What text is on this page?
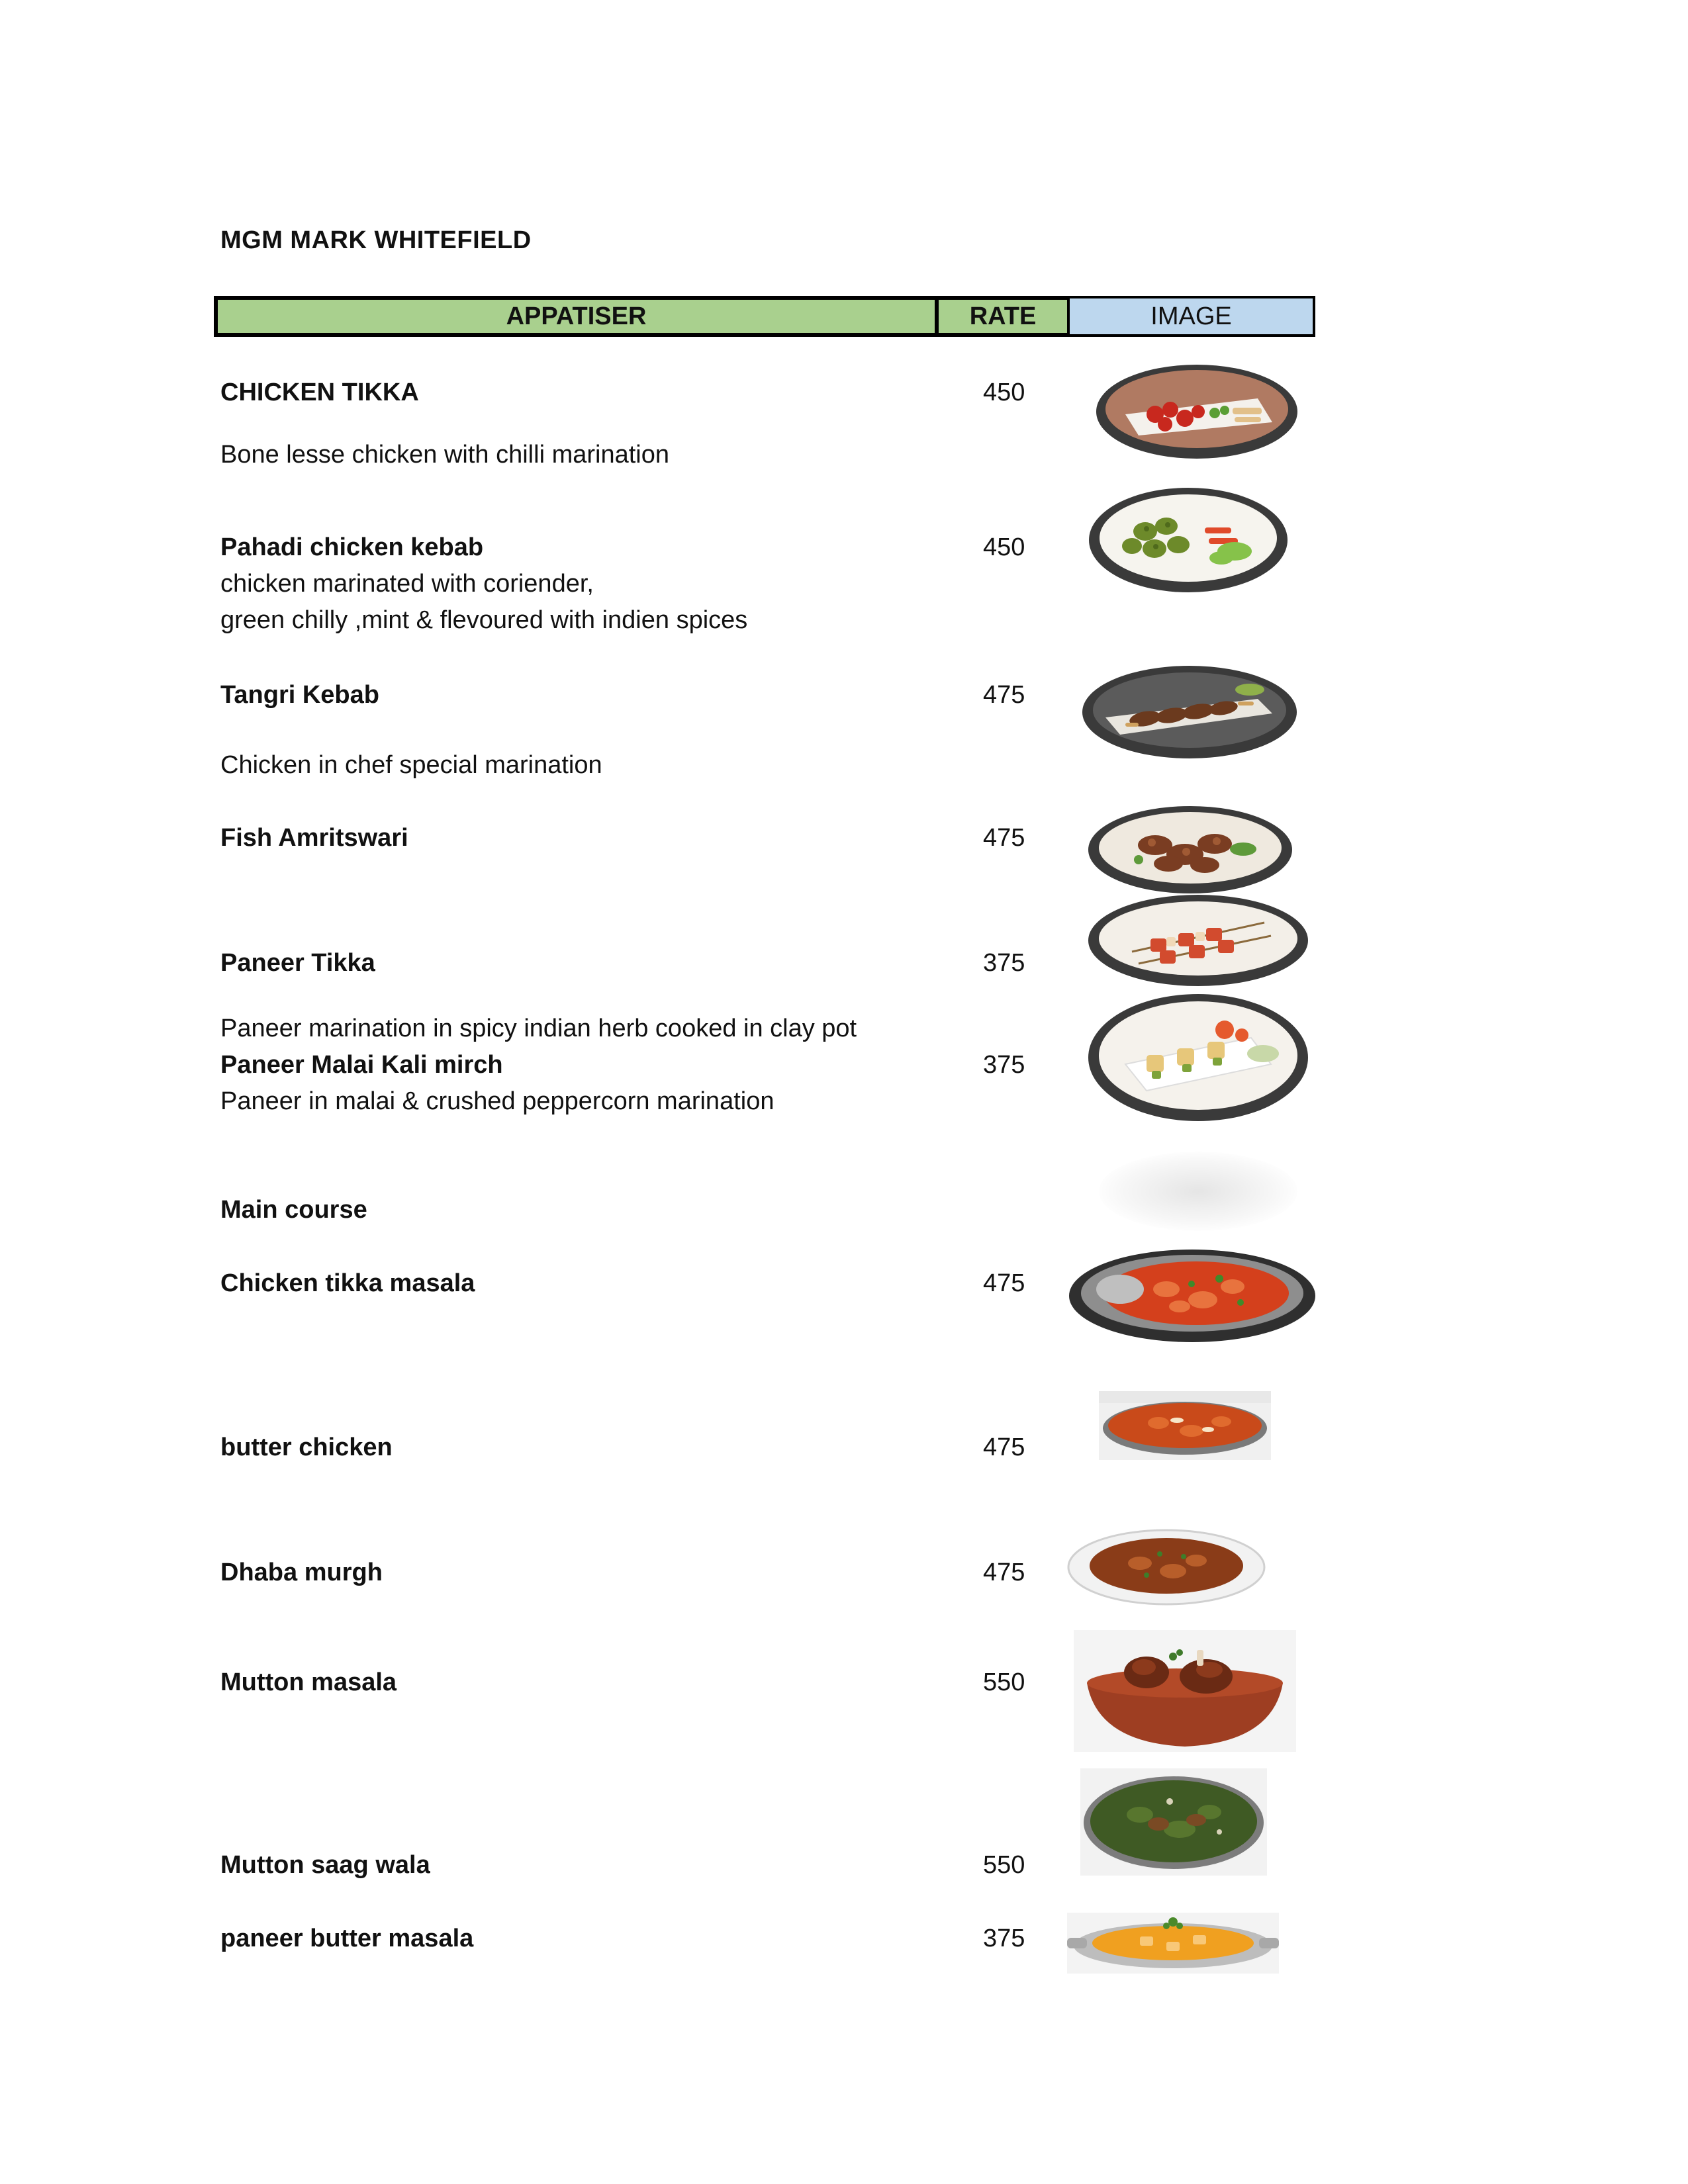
MGM MARK WHITEFIELD
APPATISER	RATE	IMAGE
CHICKEN TIKKA	450
Bone lesse chicken with chilli marination
Pahadi chicken kebab	450
chicken marinated with coriender,
green chilly ,mint & flevoured with indien spices
Tangri Kebab	475
Chicken in chef special marination
Fish Amritswari	475
Paneer Tikka	375
Paneer marination in spicy indian herb cooked in clay pot
Paneer Malai Kali mirch	375
Paneer in malai & crushed peppercorn marination
Main course
Chicken tikka masala	475
butter chicken	475
Dhaba murgh	475
Mutton masala	550
Mutton saag wala	550
paneer butter masala	375
